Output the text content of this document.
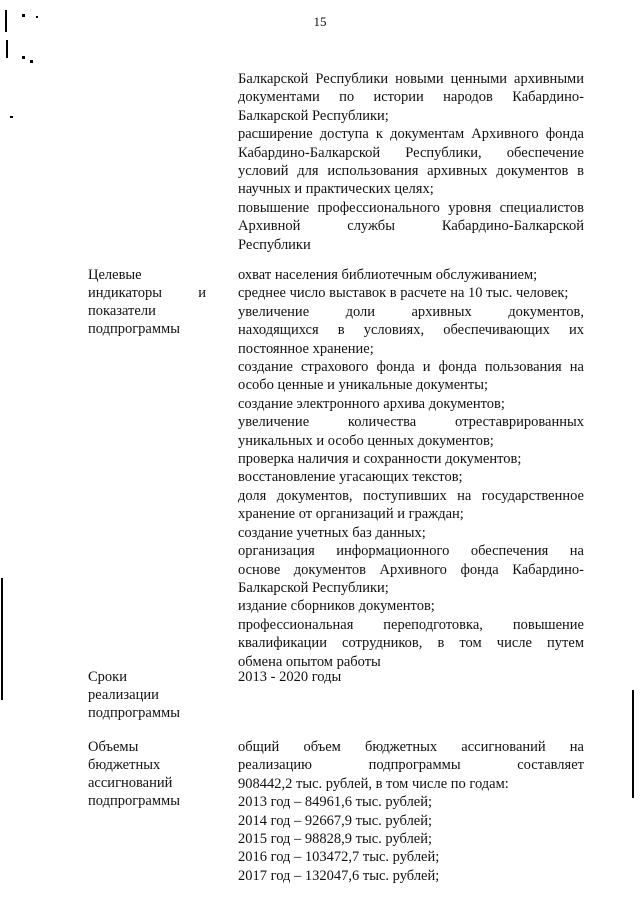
15
Балкарской Республики новыми ценными архивными
документами по истории народов Кабардино-
Балкарской Республики;
расширение доступа к документам Архивного фонда
Кабардино-Балкарской Республики, обеспечение
условий для использования архивных документов в
научных и практических целях;
повышение профессионального уровня специалистов
Архивной службы Кабардино-Балкарской
Республики
Целевые
индикаторы и
показатели
подпрограммы
охват населения библиотечным обслуживанием;
среднее число выставок в расчете на 10 тыс. человек;
увеличение доли архивных документов,
находящихся в условиях, обеспечивающих их
постоянное хранение;
создание страхового фонда и фонда пользования на
особо ценные и уникальные документы;
создание электронного архива документов;
увеличение количества отреставрированных
уникальных и особо ценных документов;
проверка наличия и сохранности документов;
восстановление угасающих текстов;
доля документов, поступивших на государственное
хранение от организаций и граждан;
создание учетных баз данных;
организация информационного обеспечения на
основе документов Архивного фонда Кабардино-
Балкарской Республики;
издание сборников документов;
профессиональная переподготовка, повышение
квалификации сотрудников, в том числе путем
обмена опытом работы
Сроки
реализации
подпрограммы
2013 - 2020 годы
Объемы
бюджетных
ассигнований
подпрограммы
общий объем бюджетных ассигнований на
реализацию подпрограммы составляет
908442,2 тыс. рублей, в том числе по годам:
2013 год – 84961,6 тыс. рублей;
2014 год – 92667,9 тыс. рублей;
2015 год – 98828,9 тыс. рублей;
2016 год – 103472,7 тыс. рублей;
2017 год – 132047,6 тыс. рублей;
